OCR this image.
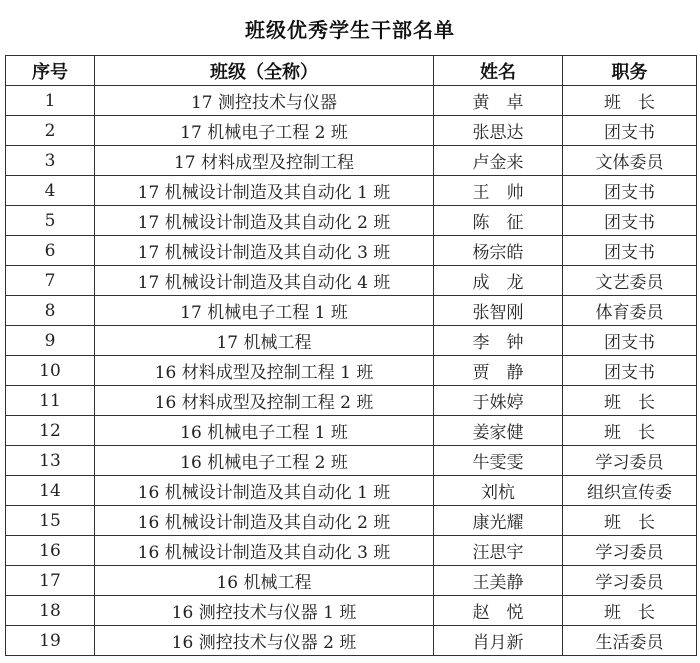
班级优秀学生干部名单
序号	班级（全称）	姓名	职务
1	17 测控技术与仪器	黄　卓	班　长
2	17 机械电子工程 2 班	张思达	团支书
3	17 材料成型及控制工程	卢金来	文体委员
4	17 机械设计制造及其自动化 1 班	王　帅	团支书
5	17 机械设计制造及其自动化 2 班	陈　征	团支书
6	17 机械设计制造及其自动化 3 班	杨宗皓	团支书
7	17 机械设计制造及其自动化 4 班	成　龙	文艺委员
8	17 机械电子工程 1 班	张智刚	体育委员
9	17 机械工程	李　钟	团支书
10	16 材料成型及控制工程 1 班	贾　静	团支书
11	16 材料成型及控制工程 2 班	于姝婷	班　长
12	16 机械电子工程 1 班	姜家健	班　长
13	16 机械电子工程 2 班	牛雯雯	学习委员
14	16 机械设计制造及其自动化 1 班	刘杭	组织宣传委
15	16 机械设计制造及其自动化 2 班	康光耀	班　长
16	16 机械设计制造及其自动化 3 班	汪思宇	学习委员
17	16 机械工程	王美静	学习委员
18	16 测控技术与仪器 1 班	赵　悦	班　长
19	16 测控技术与仪器 2 班	肖月新	生活委员
